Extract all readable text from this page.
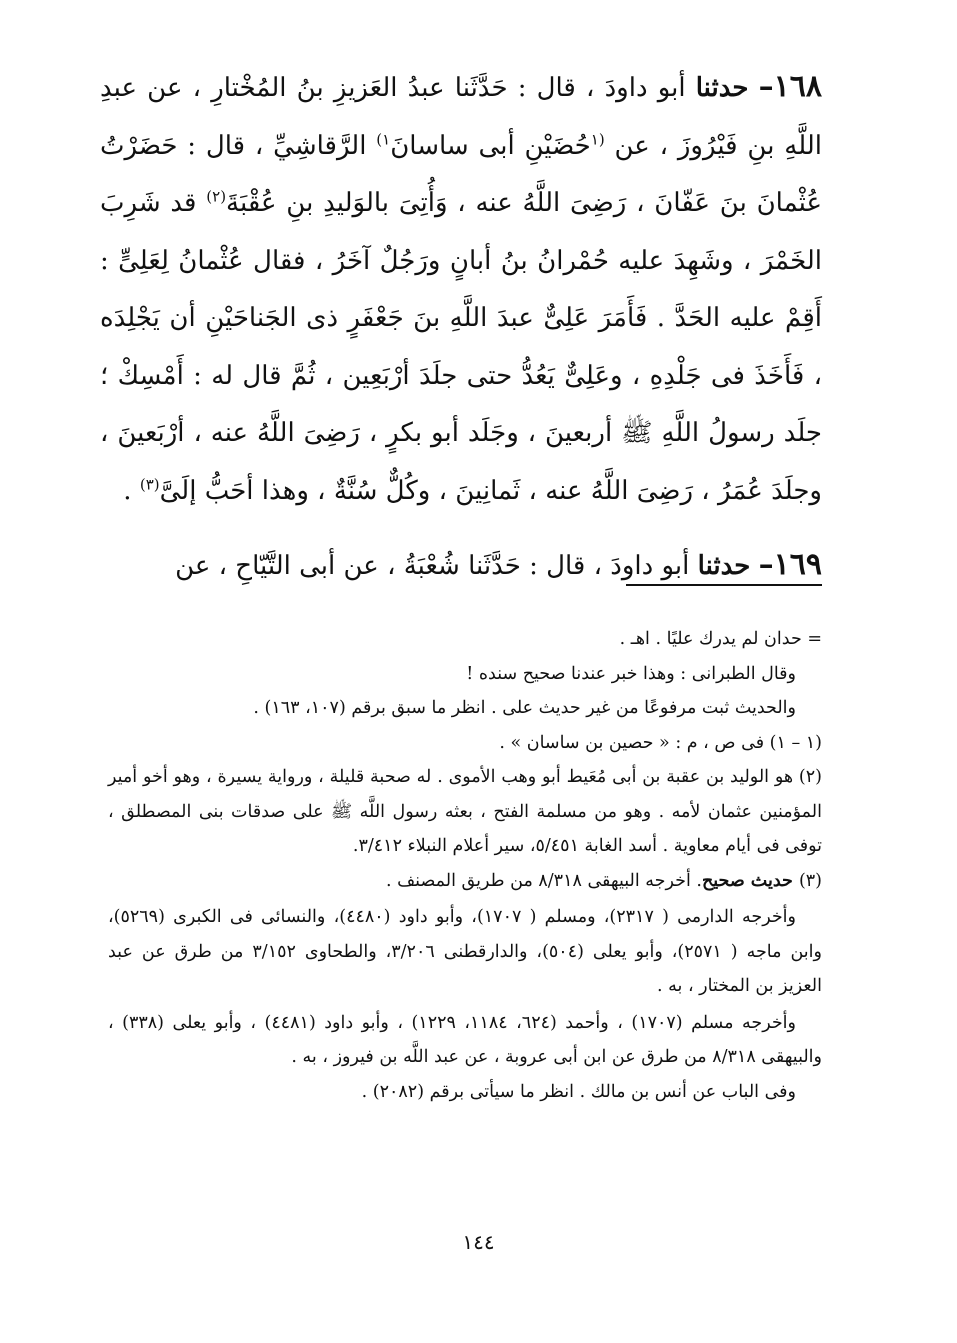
١٦٨– حدثنا أبو داودَ ، قال : حَدَّثَنا عبدُ العَزيزِ بنُ المُخْتارِ ، عن عبدِ اللَّهِ بنِ فَيْرُوزَ ، عن $^{(١}$حُضَيْنِ أبى ساسانَ$^{١)}$ الرَّقاشِيِّ ، قال : حَضَرْتُ عُثْمانَ بنَ عَفّانَ ، رَضِىَ اللَّهُ عنه ، وَأُتِىَ بالوَليدِ بنِ عُقْبَةَ$^{(٢)}$ قد شَرِبَ الخَمْرَ ، وشَهِدَ عليه حُمْرانُ بنُ أبانٍ ورَجُلٌ آخَرُ ، فقال عُثْمانُ لِعَلِىٍّ : أَقِمْ عليه الحَدَّ . فَأَمَرَ عَلِىٌّ عبدَ اللَّهِ بنَ جَعْفَرٍ ذى الجَناحَيْنِ أن يَجْلِدَه ، فَأَخَذَ فى جَلْدِهِ ، وعَلِىٌّ يَعُدُّ حتى جلَدَ أرْبَعِين ، ثُمَّ قال له : أَمْسِكْ ؛ جلَد رسولُ اللَّهِ ﷺ أربعينَ ، وجَلَد أبو بكرٍ ، رَضِىَ اللَّهُ عنه ، أرْبَعينَ ، وجلَدَ عُمَرُ ، رَضِىَ اللَّهُ عنه ، ثَمانِينَ ، وكُلٌّ سُنَّةٌ ، وهذا أحَبُّ إلَىَّ$^{(٣)}$ .

١٦٩– حدثنا أبو داودَ ، قال : حَدَّثَنا شُعْبَةُ ، عن أبى التَّيّاحِ ، عن

= حدان لم يدرك عليًا . اهـ .

وقال الطبرانى : وهذا خبر عندنا صحيح سنده !

والحديث ثبت مرفوعًا من غير حديث على . انظر ما سبق برقم (١٠٧، ١٦٣) .

(١ – ١) فى ص ، م : « حصين بن ساسان » .

(٢) هو الوليد بن عقبة بن أبى مُعَيط أبو وهب الأموى . له صحبة قليلة ، ورواية يسيرة ، وهو أخو أمير المؤمنين عثمان لأمه . وهو من مسلمة الفتح ، بعثه رسول اللَّه ﷺ على صدقات بنى المصطلق ، توفى فى أيام معاوية . أسد الغابة ٥/٤٥١، سير أعلام النبلاء ٣/٤١٢.

(٣) حديث صحيح. أخرجه البيهقى ٨/٣١٨ من طريق المصنف .

وأخرجه الدارمى ( ٢٣١٧)، ومسلم ( ١٧٠٧)، وأبو داود (٤٤٨٠)، والنسائى فى الكبرى (٥٢٦٩)، وابن ماجه ( ٢٥٧١)، وأبو يعلى (٥٠٤)، والدارقطنى ٣/٢٠٦، والطحاوى ٣/١٥٢ من طرق عن عبد العزيز بن المختار ، به .

وأخرجه مسلم (١٧٠٧) ، وأحمد (٦٢٤، ١١٨٤، ١٢٢٩) ، وأبو داود (٤٤٨١) ، وأبو يعلى (٣٣٨) ، والبيهقى ٨/٣١٨ من طرق عن ابن أبى عروبة ، عن عبد اللَّه بن فيروز ، به .

وفى الباب عن أنس بن مالك . انظر ما سيأتى برقم (٢٠٨٢) .

١٤٤
